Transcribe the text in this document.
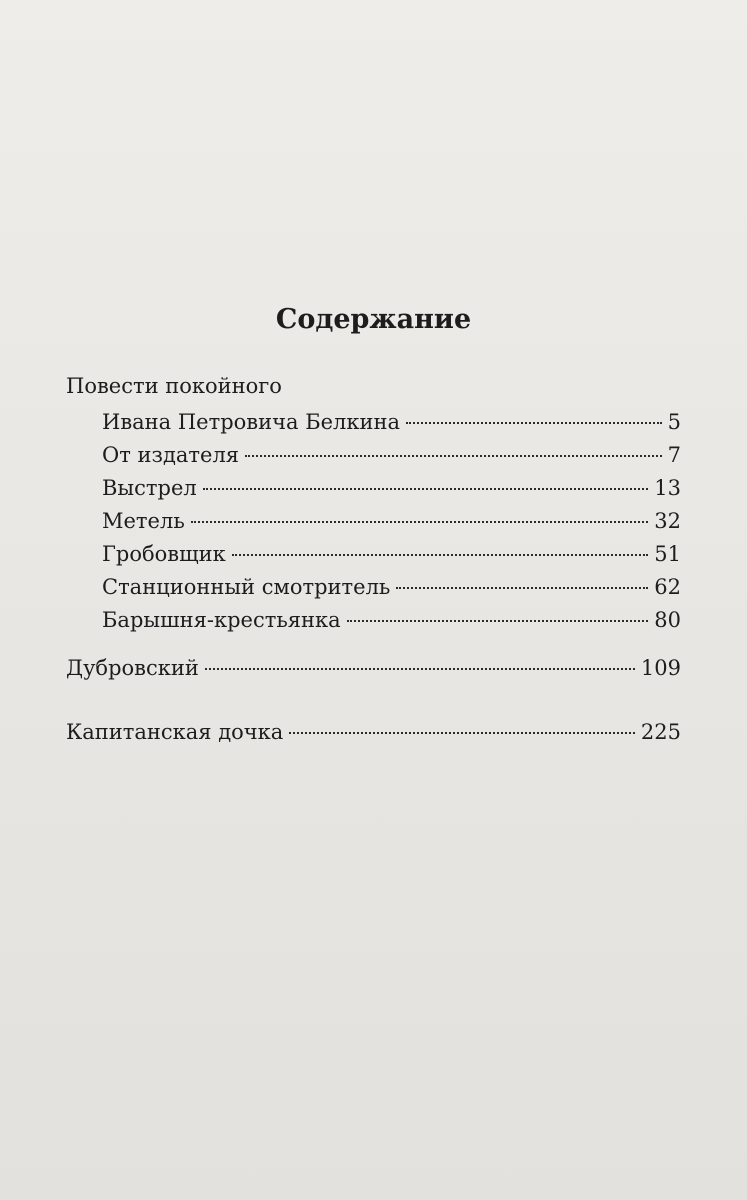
Содержание
Повести покойного
Ивана Петровича Белкина	5
От издателя	7
Выстрел	13
Метель	32
Гробовщик	51
Станционный смотритель	62
Барышня-крестьянка	80
Дубровский	109
Капитанская дочка	225
